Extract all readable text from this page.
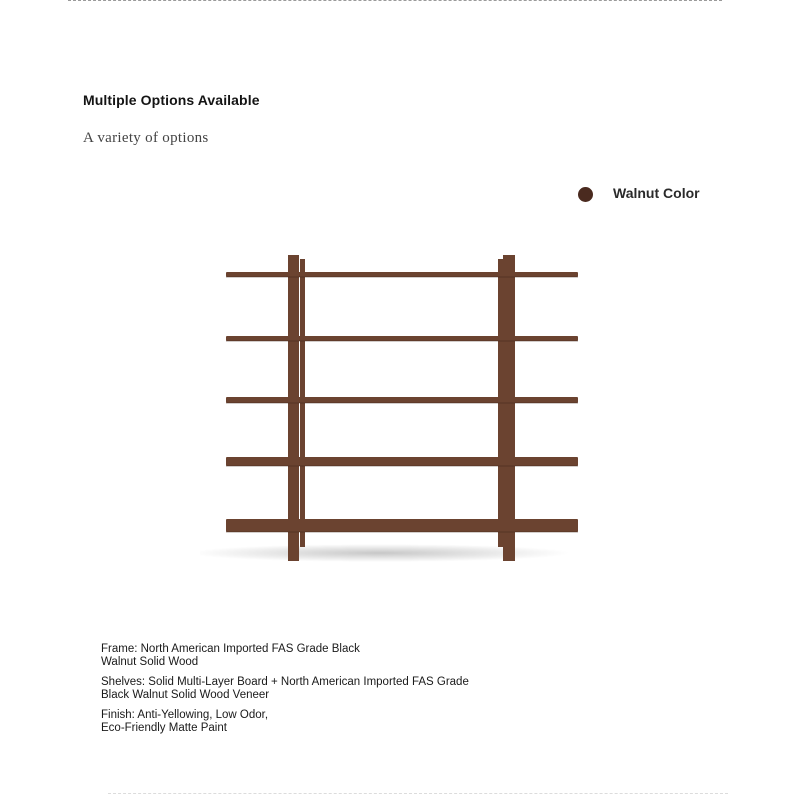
Multiple Options Available
A variety of options
Walnut Color
Frame: North American Imported FAS Grade Black
Walnut Solid Wood
Shelves: Solid Multi-Layer Board + North American Imported FAS Grade
Black Walnut Solid Wood Veneer
Finish: Anti-Yellowing, Low Odor,
Eco-Friendly Matte Paint
